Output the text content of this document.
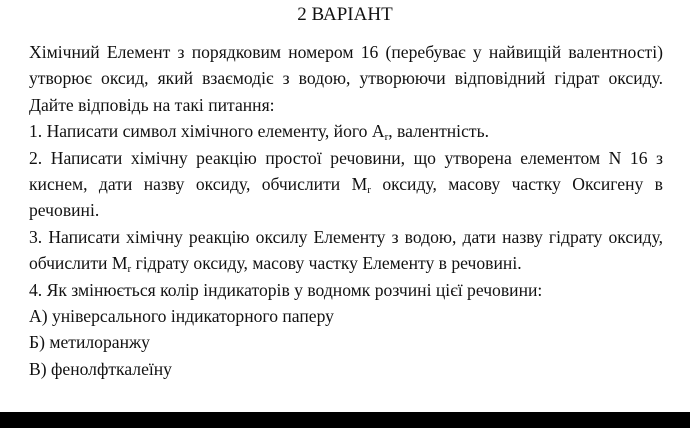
2 ВАРІАНТ

Хімічний Елемент з порядковим номером 16 (перебуває у найвищій валентності) утворює оксид, який взаємодіє з водою, утворюючи відповідний гідрат оксиду. Дайте відповідь на такі питання:

1. Написати символ хімічного елементу, його $А_r$, валентність.

2. Написати хімічну реакцію простої речовини, що утворена елементом N 16 з киснем, дати назву оксиду, обчислити $М_r$ оксиду, масову частку Оксигену в речовині.

3. Написати хімічну реакцію оксилу Елементу з водою, дати назву гідрату оксиду, обчислити $М_r$ гідрату оксиду, масову частку Елементу в речовині.

4. Як змінюється колір індикаторів у водномк розчині цієї речовини:

А) універсального індикаторного паперу

Б) метилоранжу

В) фенолфткалеїну
